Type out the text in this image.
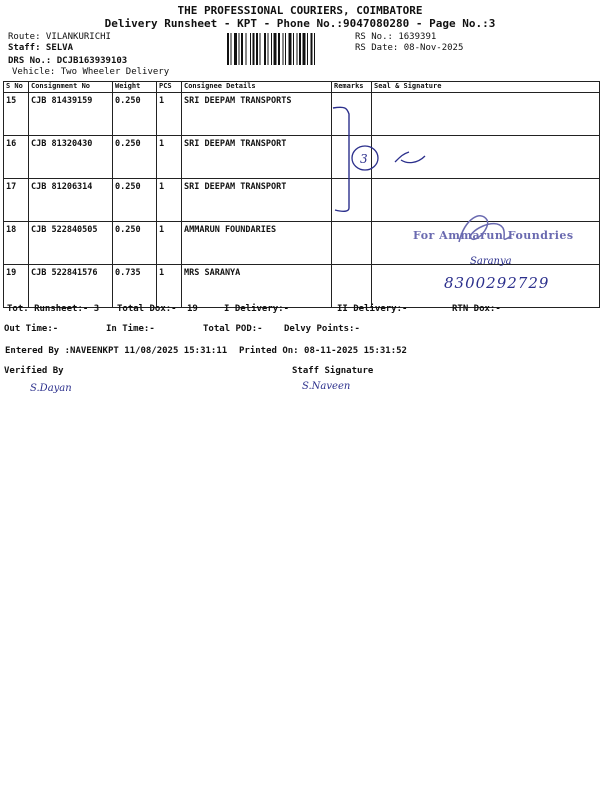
THE PROFESSIONAL COURIERS, COIMBATORE
Delivery Runsheet - KPT - Phone No.:9047080280 - Page No.:3
Route: VILANKURICHI
Staff: SELVA
DRS No.: DCJB163939103
Vehicle: Two Wheeler Delivery
RS No.: 1639391
RS Date: 08-Nov-2025
S No	Consignment No	Weight	PCS	Consignee Details	Remarks	Seal & Signature
15	CJB 81439159	0.250	1	SRI DEEPAM TRANSPORTS		
16	CJB 81320430	0.250	1	SRI DEEPAM TRANSPORT		
17	CJB 81206314	0.250	1	SRI DEEPAM TRANSPORT		
18	CJB 522840505	0.250	1	AMMARUN FOUNDARIES		
19	CJB 522841576	0.735	1	MRS SARANYA		
3
For Ammarun Foundries
Saranya
8300292729
Tot. Runsheet:- 3 Total Dox:- 19	I Delivery:-	II Delivery:-	RTN Dox:-
Out Time:-	In Time:-	Total POD:- Delvy Points:-
Entered By :NAVEENKPT 11/08/2025 15:31:11 Printed On: 08-11-2025 15:31:52
Verified By	Staff Signature
S.Dayan	S.Naveen
